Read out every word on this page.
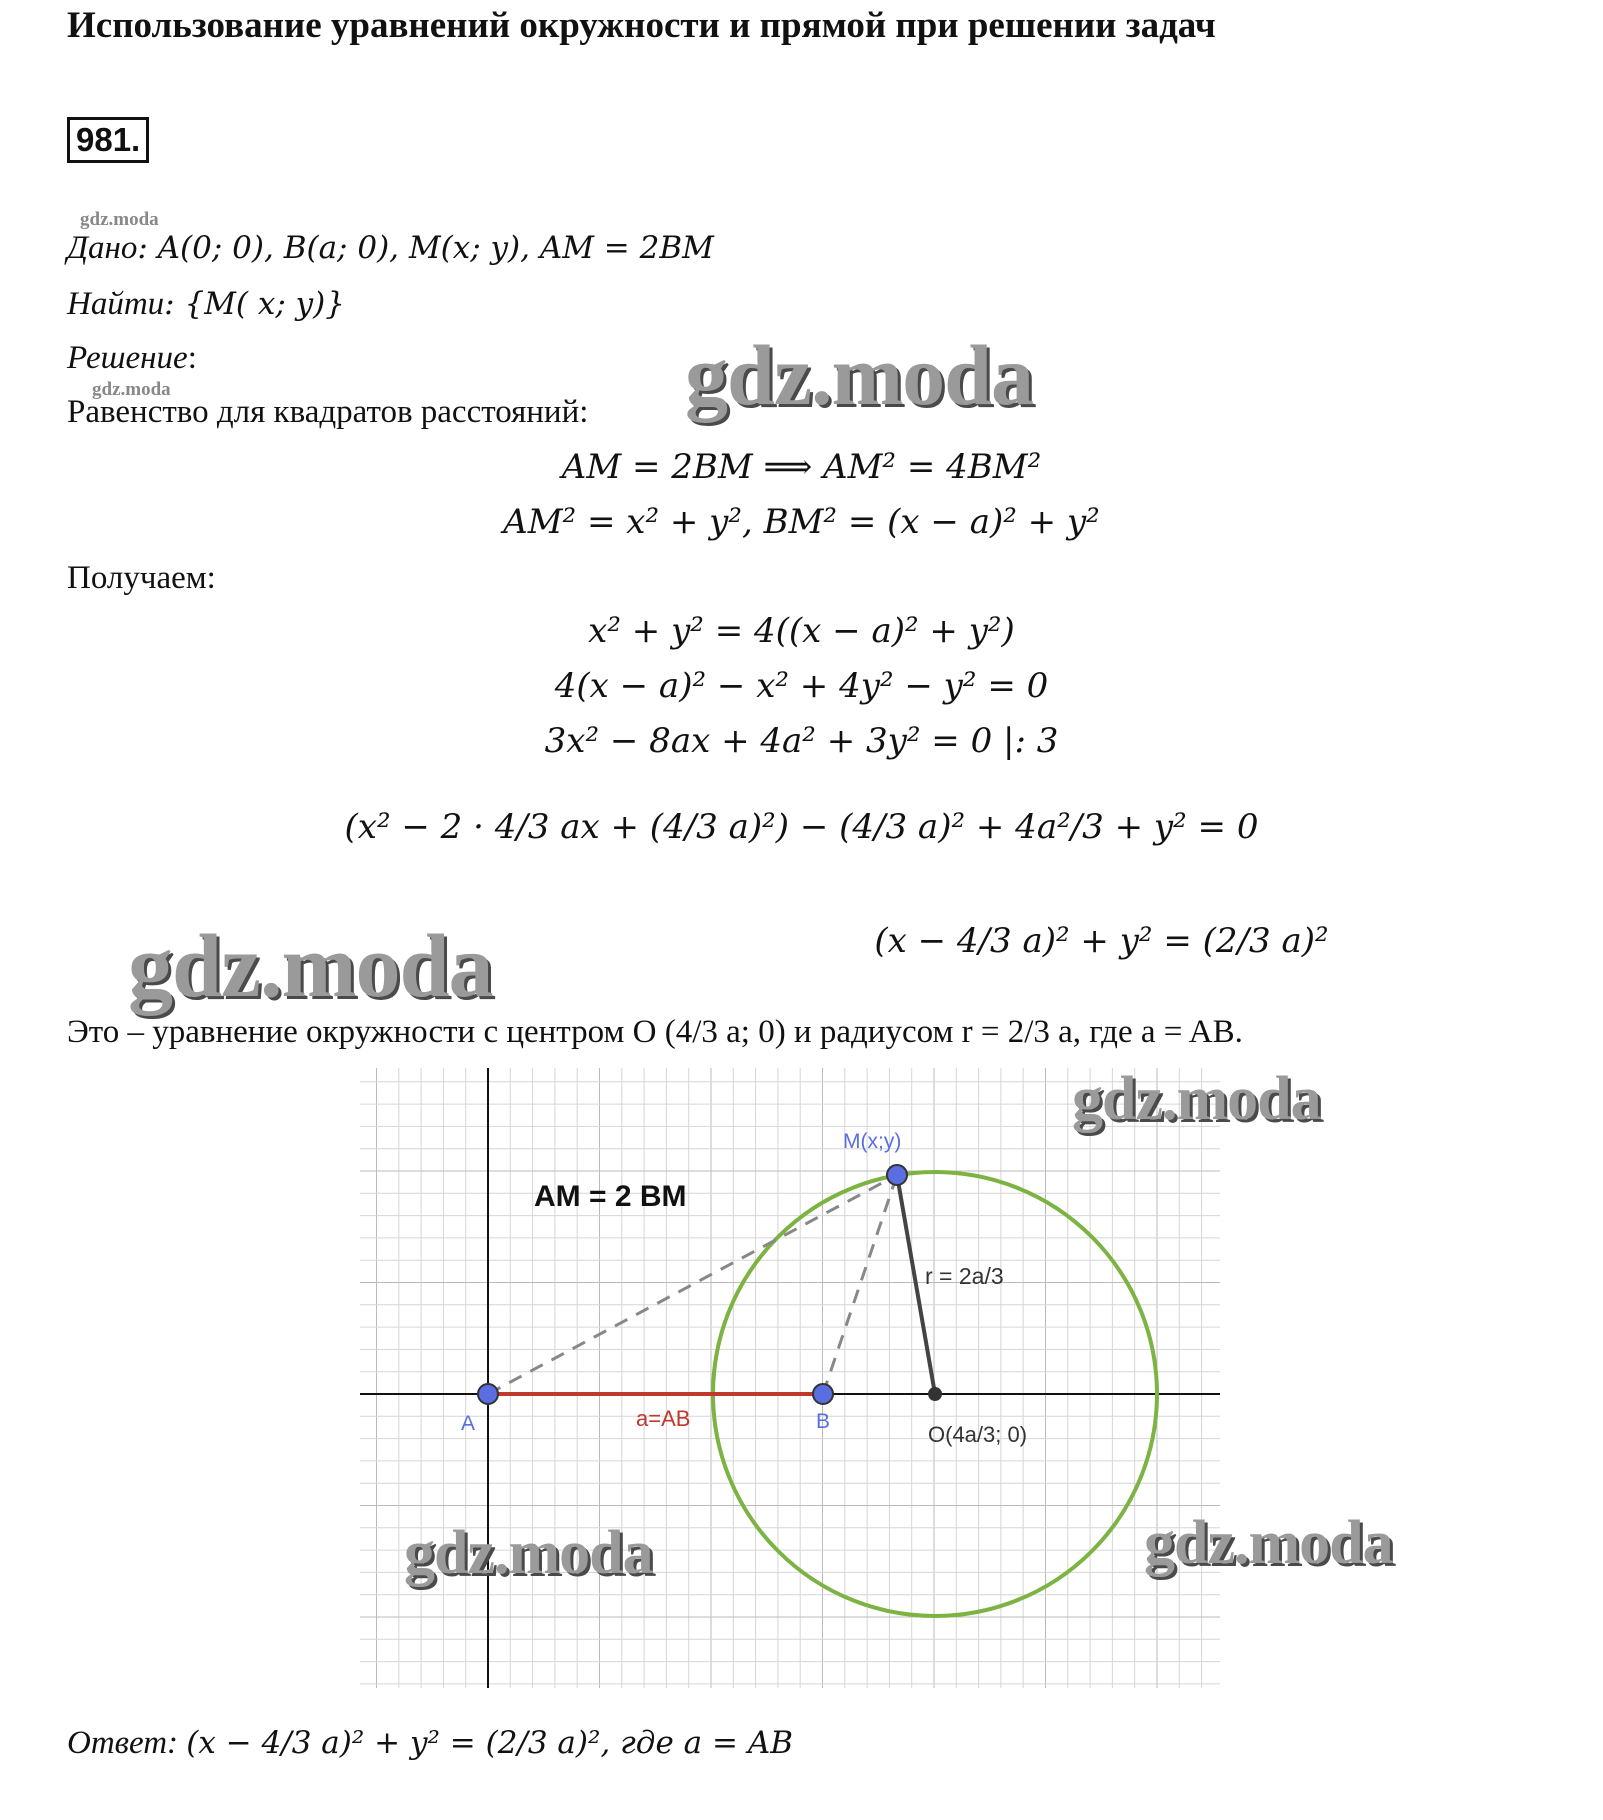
Использование уравнений окружности и прямой при решении задач
981.
gdz.moda
gdz.moda
Дано: A(0; 0), B(a; 0), M(x; y), AM = 2BM
Найти: {M( x; y)}
Решение:
Равенство для квадратов расстояний: gdz.moda
AM = 2BM ⟹ AM² = 4BM²
AM² = x² + y², BM² = (x − a)² + y²
Получаем:
x² + y² = 4((x − a)² + y²)
4(x − a)² − x² + 4y² − y² = 0
3x² − 8ax + 4a² + 3y² = 0 |: 3
(x² − 2 · 4/3 ax + (4/3 a)²) − (4/3 a)² + 4a²/3 + y² = 0
(x − 4/3 a)² + y² = (2/3 a)²
gdz.moda
Это – уравнение окружности с центром O (4/3 a; 0) и радиусом r = 2/3 a, где a = AB.
AM = 2 BM
M(x;y)
r = 2a/3
A	B
a=AB
O(4a/3; 0)
gdz.moda
gdz.moda	gdz.moda
Ответ: (x − 4/3 a)² + y² = (2/3 a)², где a = AB
